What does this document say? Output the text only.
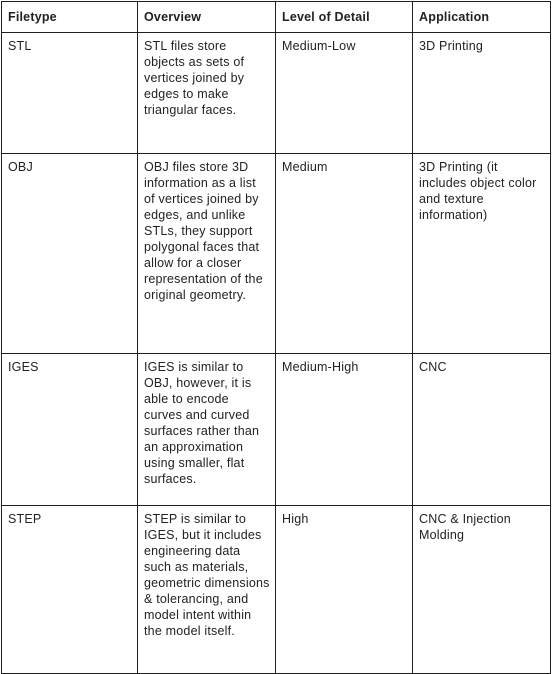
Filetype	Overview	Level of Detail	Application
STL	STL files store objects as sets of vertices joined by edges to make triangular faces.	Medium-Low	3D Printing
OBJ	OBJ files store 3D information as a list of vertices joined by edges, and unlike STLs, they support polygonal faces that allow for a closer representation of the original geometry.	Medium	3D Printing (it includes object color and texture information)
IGES	IGES is similar to OBJ, however, it is able to encode curves and curved surfaces rather than an approximation using smaller, flat surfaces.	Medium-High	CNC
STEP	STEP is similar to IGES, but it includes engineering data such as materials, geometric dimensions & tolerancing, and model intent within the model itself.	High	CNC & Injection Molding
